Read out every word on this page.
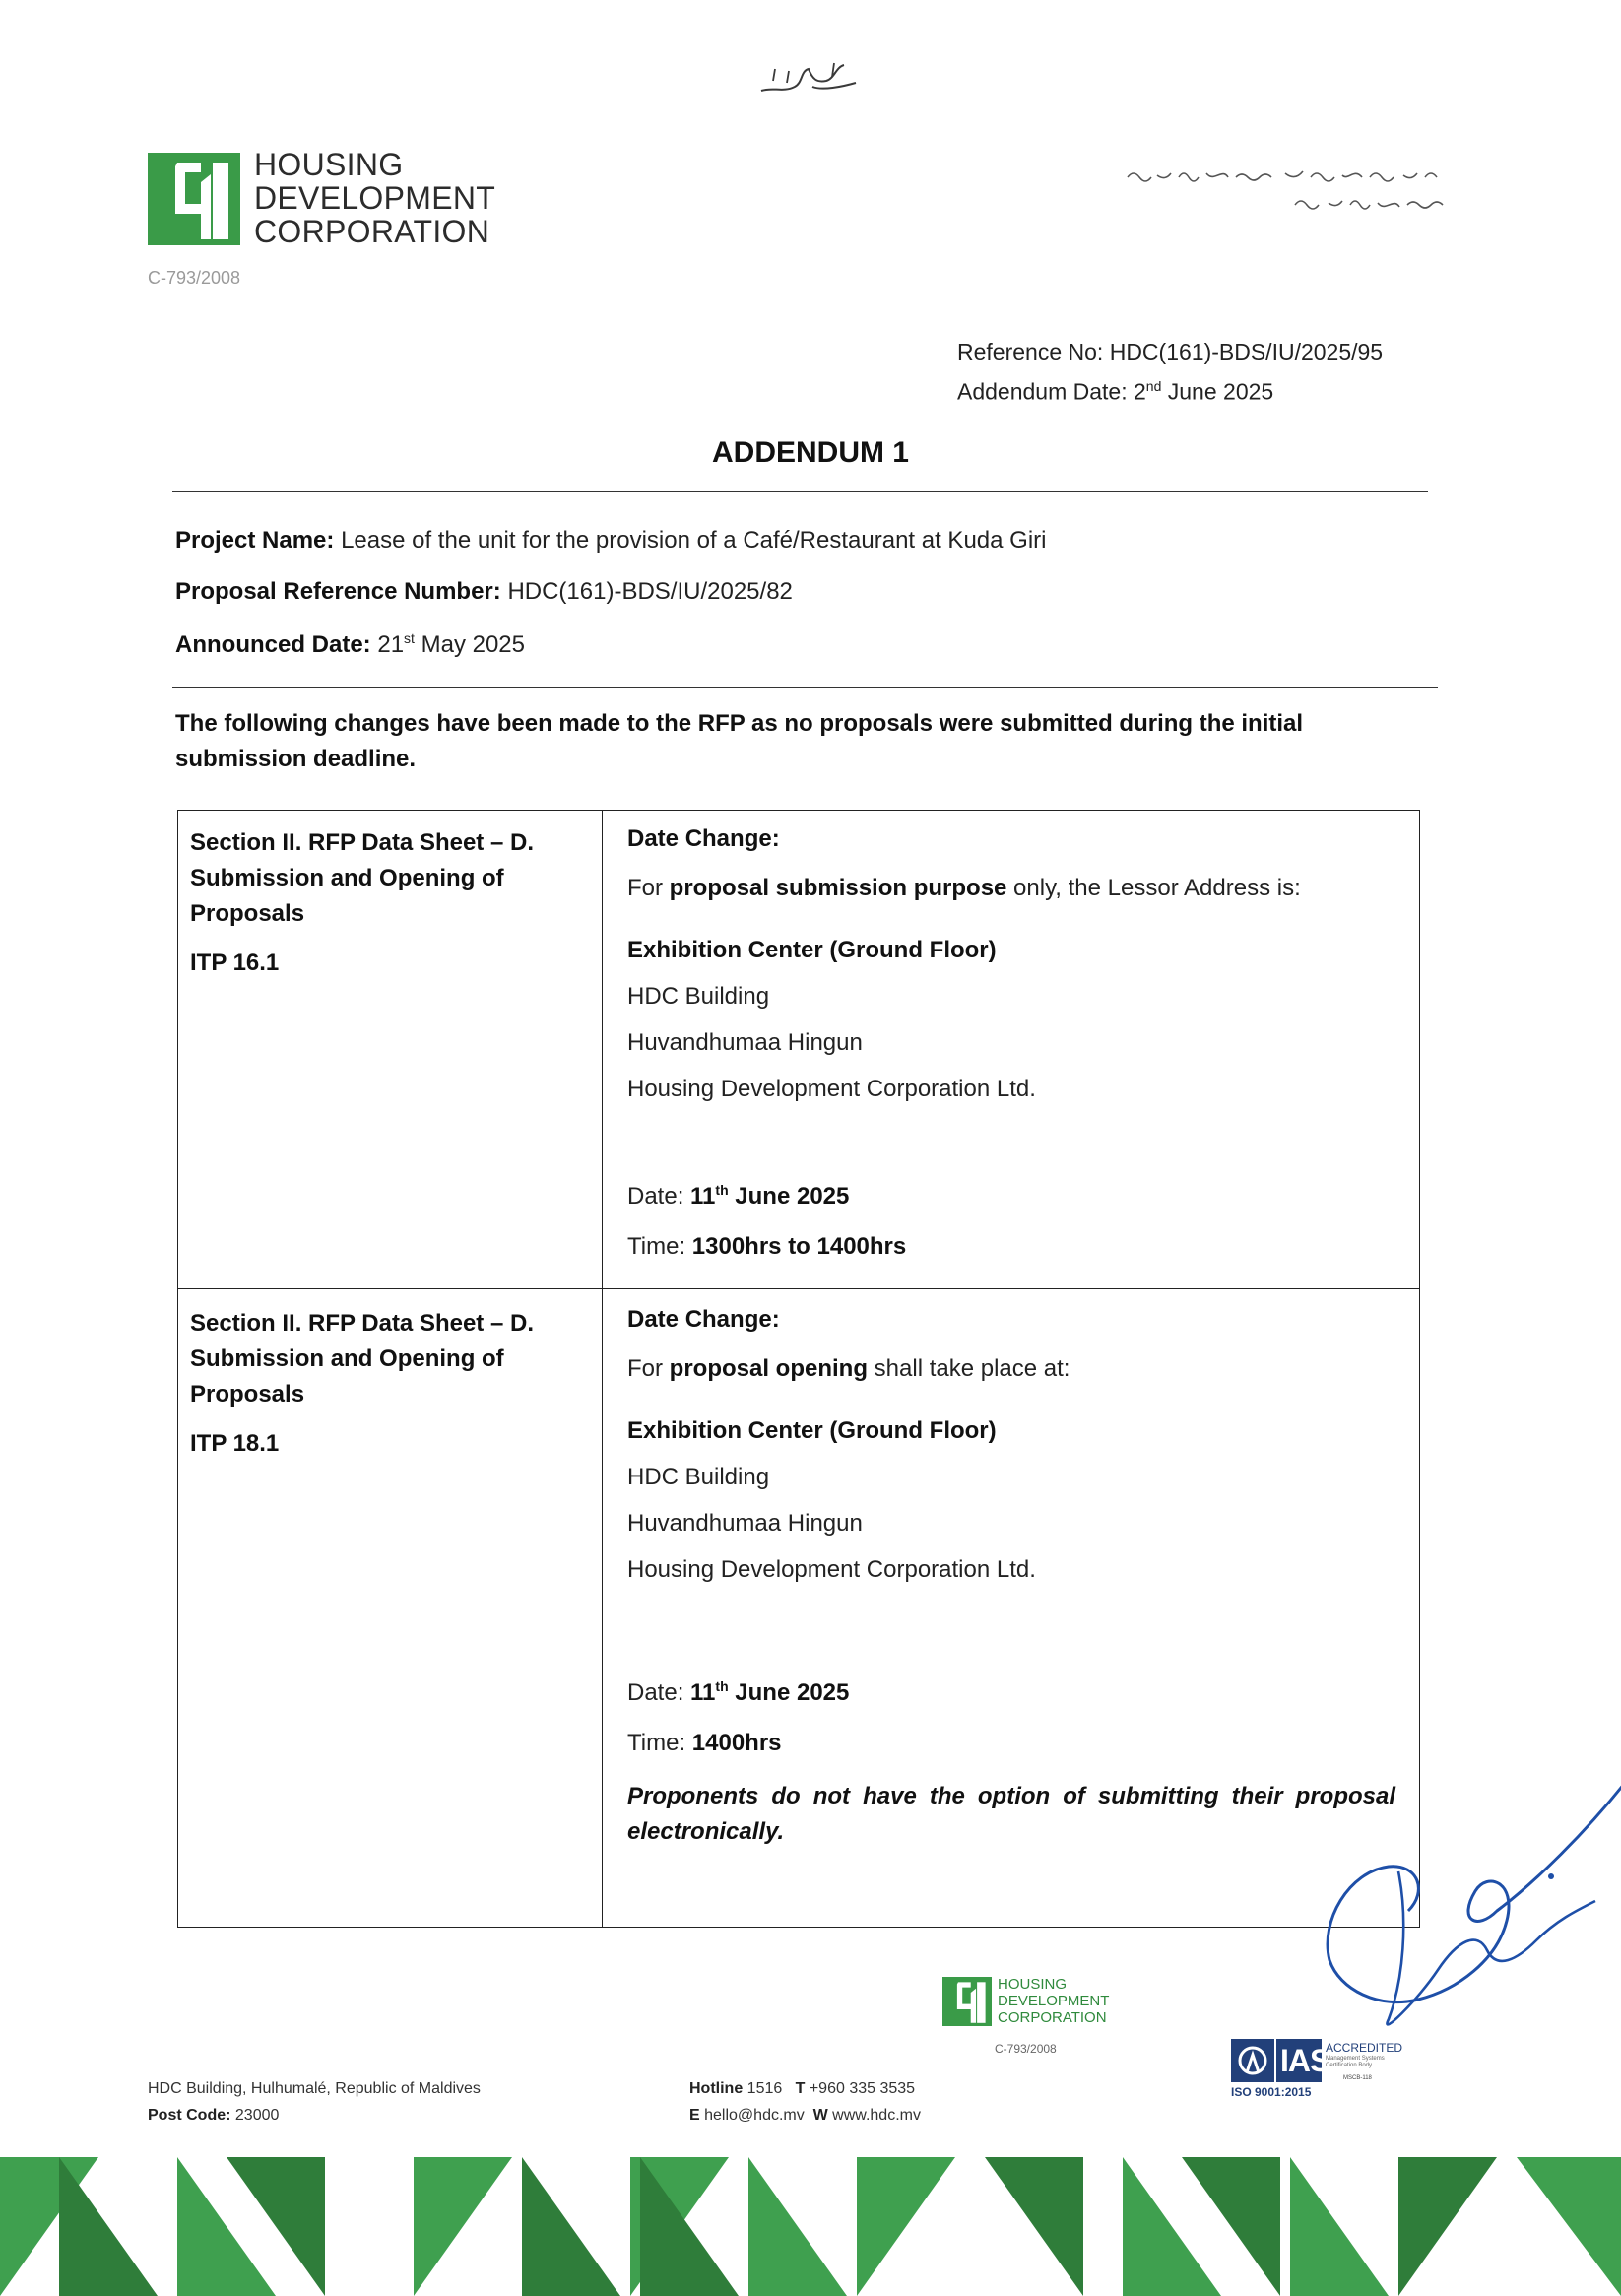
HOUSING
DEVELOPMENT
CORPORATION
C-793/2008
Reference No: HDC(161)-BDS/IU/2025/95
Addendum Date: 2nd June 2025
ADDENDUM 1
Project Name: Lease of the unit for the provision of a Café/Restaurant at Kuda Giri
Proposal Reference Number: HDC(161)-BDS/IU/2025/82
Announced Date: 21st May 2025
The following changes have been made to the RFP as no proposals were submitted during the initial submission deadline.
Section II. RFP Data Sheet – D. Submission and Opening of Proposals
ITP 16.1
Date Change:
For proposal submission purpose only, the Lessor Address is:
Exhibition Center (Ground Floor)
HDC Building
Huvandhumaa Hingun
Housing Development Corporation Ltd.
Date: 11th June 2025
Time: 1300hrs to 1400hrs
Section II. RFP Data Sheet – D. Submission and Opening of Proposals
ITP 18.1
Date Change:
For proposal opening shall take place at:
Exhibition Center (Ground Floor)
HDC Building
Huvandhumaa Hingun
Housing Development Corporation Ltd.
Date: 11th June 2025
Time: 1400hrs
Proponents do not have the option of submitting their proposal electronically.
HOUSING
DEVELOPMENT
CORPORATION
C-793/2008	IAS
ACCREDITED
Management Systems Certification Body
MSCB-118
ISO 9001:2015
HDC Building, Hulhumalé, Republic of Maldives
Post Code: 23000
Hotline 1516 T +960 335 3535
E hello@hdc.mv W www.hdc.mv
